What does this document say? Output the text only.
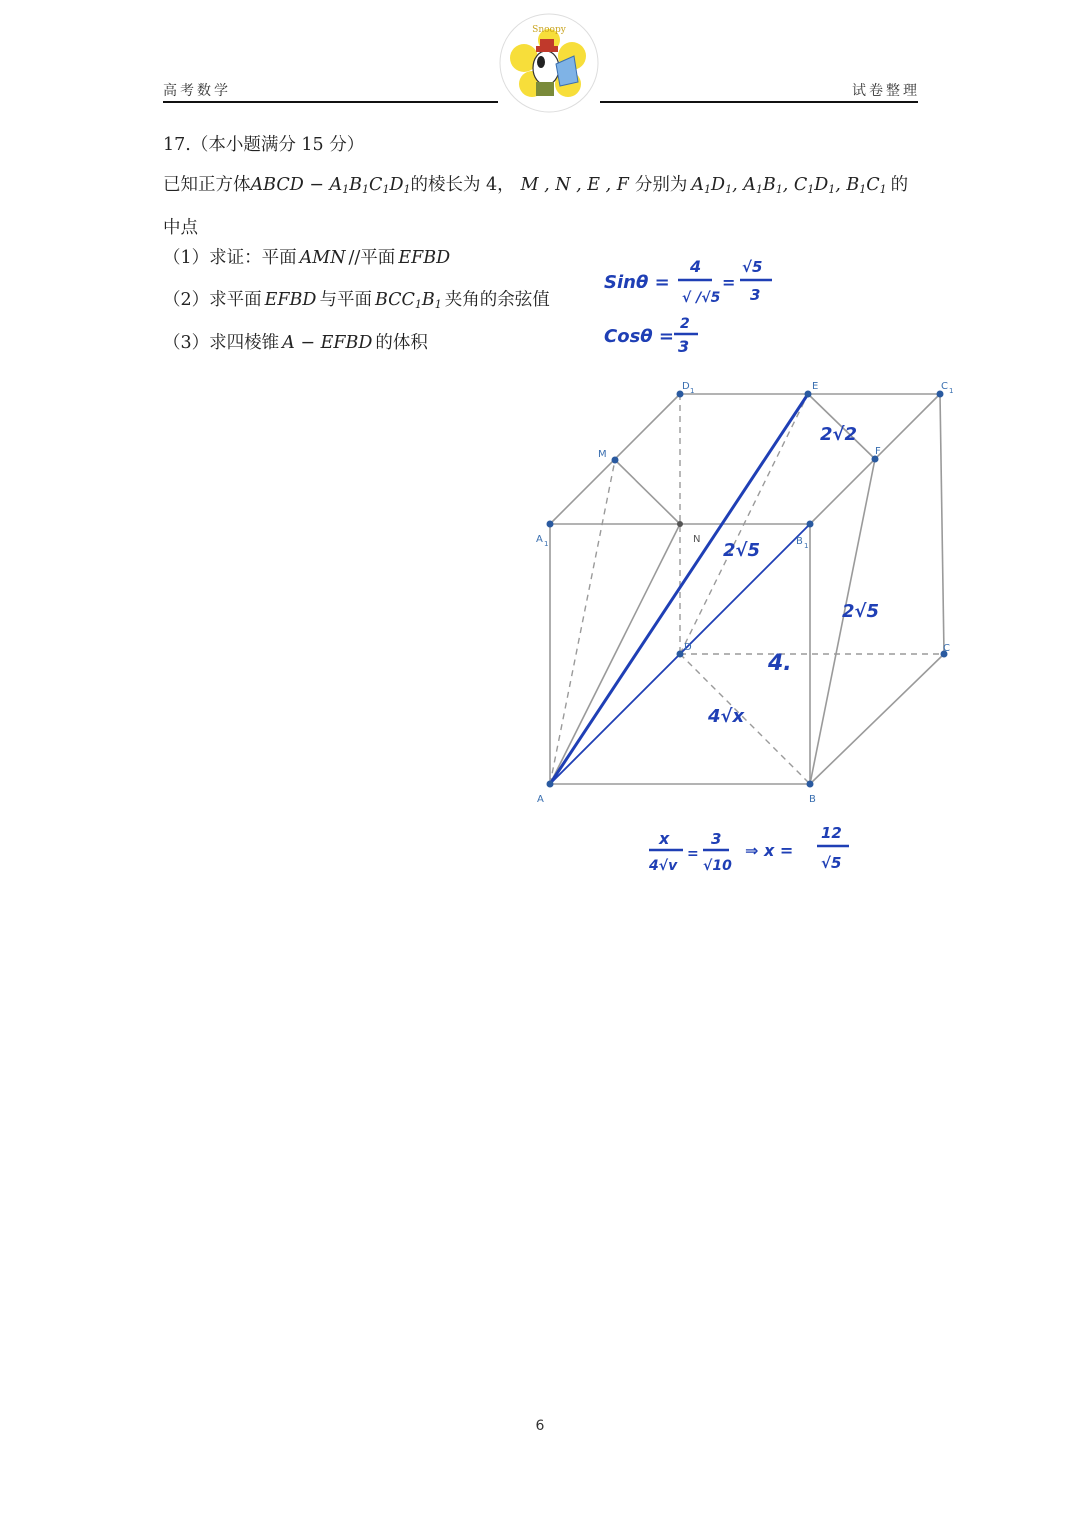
高考数学	试卷整理
Snoopy
17.（本小题满分 15 分）
已知正方体ABCD − $A_1B_1C_1D_1$的棱长为 4， M , N , E , F 分别为 $A_1D_1$, $A_1B_1$, $C_1D_1$, $B_1C_1$ 的
中点
（1）求证：平面 AMN //平面 EFBD
（2）求平面 EFBD 与平面 $BCC_1B_1$ 夹角的余弦值
（3）求四棱锥 A − EFBD 的体积
Sinθ =
4
√ /√5
=
√5
3
Cosθ =
2
3
A	B
C
D
A 1	B 1
C 1
D 1	E
F
M
N
2√2
2√5
2√5
4.
4√x
x
4√v
=
3
√10
⇒ x =
12
√5
6
